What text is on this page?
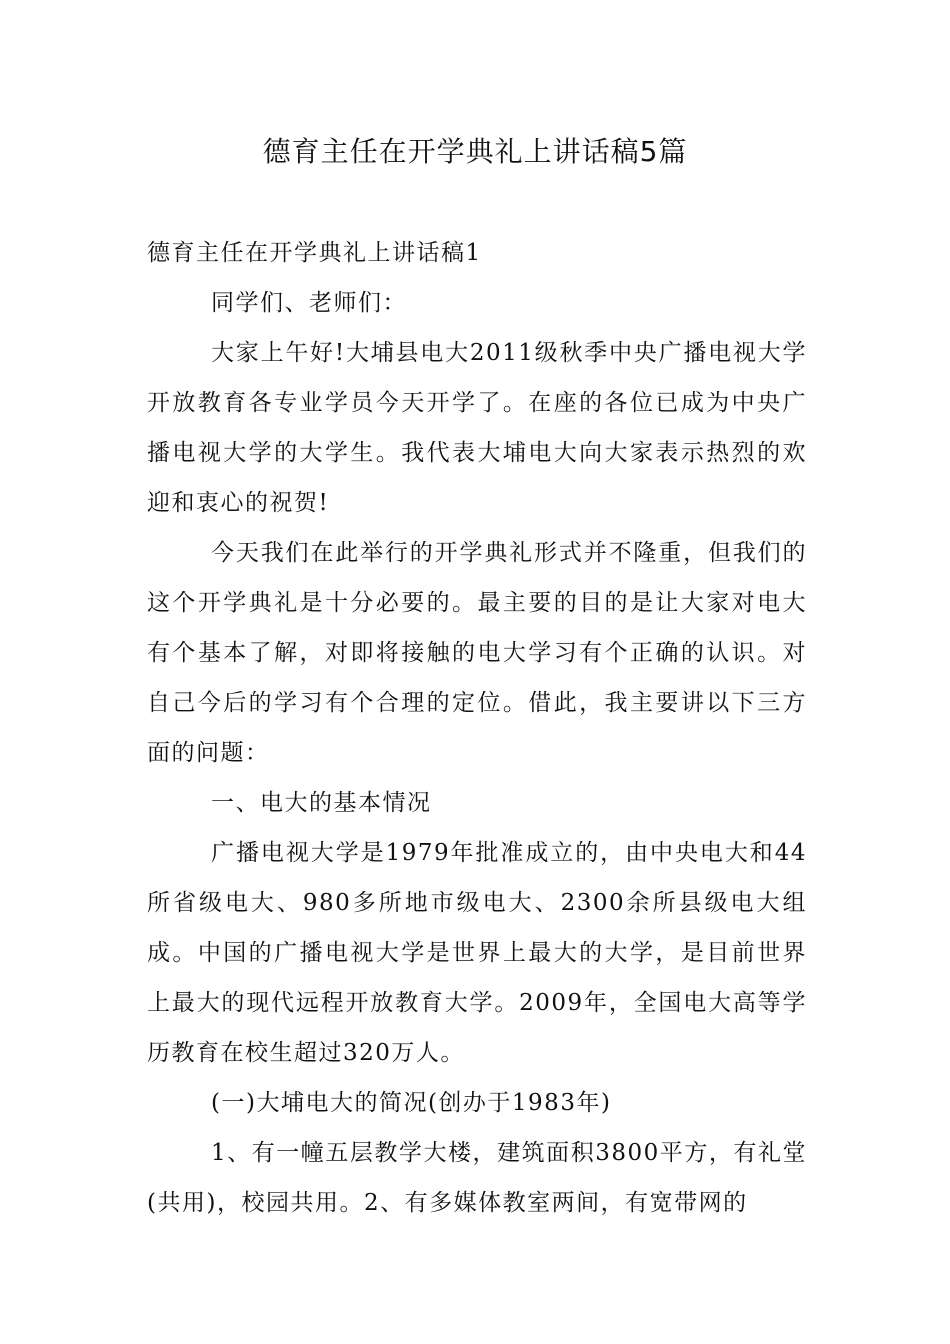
德育主任在开学典礼上讲话稿5篇

德育主任在开学典礼上讲话稿1

同学们、老师们：

大家上午好!大埔县电大2011级秋季中央广播电视大学开放教育各专业学员今天开学了。在座的各位已成为中央广播电视大学的大学生。我代表大埔电大向大家表示热烈的欢迎和衷心的祝贺!

今天我们在此举行的开学典礼形式并不隆重，但我们的这个开学典礼是十分必要的。最主要的目的是让大家对电大有个基本了解，对即将接触的电大学习有个正确的认识。对自己今后的学习有个合理的定位。借此，我主要讲以下三方面的问题：

一、电大的基本情况

广播电视大学是1979年批准成立的，由中央电大和44所省级电大、980多所地市级电大、2300余所县级电大组成。中国的广播电视大学是世界上最大的大学，是目前世界上最大的现代远程开放教育大学。2009年，全国电大高等学历教育在校生超过320万人。

(一)大埔电大的简况(创办于1983年)

1、有一幢五层教学大楼，建筑面积3800平方，有礼堂(共用)，校园共用。2、有多媒体教室两间，有宽带网的
